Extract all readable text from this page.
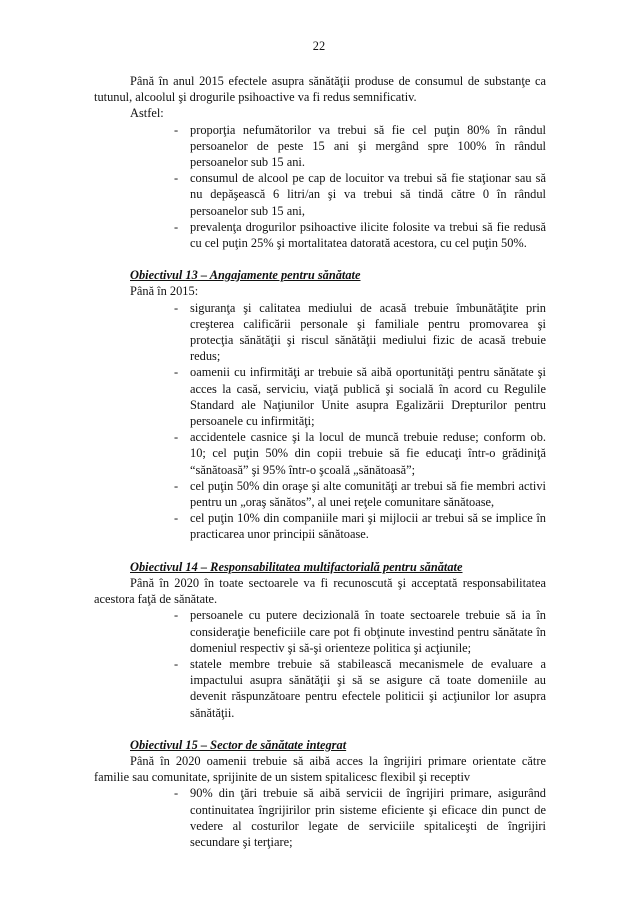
22

Până în anul 2015 efectele asupra sănătăţii produse de consumul de substanţe ca tutunul, alcoolul şi drogurile psihoactive va fi redus semnificativ.

Astfel:

- proporţia nefumătorilor va trebui să fie cel puţin 80% în rândul persoanelor de peste 15 ani şi mergând spre 100% în rândul persoanelor sub 15 ani.
- consumul de alcool pe cap de locuitor va trebui să fie staţionar sau să nu depăşească 6 litri/an şi va trebui să tindă către 0 în rândul persoanelor sub 15 ani,
- prevalenţa drogurilor psihoactive ilicite folosite va trebui să fie redusă cu cel puţin 25% şi mortalitatea datorată acestora, cu cel puţin 50%.

Obiectivul 13 – Angajamente pentru sănătate

Până în 2015:

- siguranţa şi calitatea mediului de acasă trebuie îmbunătăţite prin creşterea calificării personale şi familiale pentru promovarea şi protecţia sănătăţii şi riscul sănătăţii mediului fizic de acasă trebuie redus;
- oamenii cu infirmităţi ar trebuie să aibă oportunităţi pentru sănătate şi acces la casă, serviciu, viaţă publică şi socială în acord cu Regulile Standard ale Naţiunilor Unite asupra Egalizării Drepturilor pentru persoanele cu infirmităţi;
- accidentele casnice şi la locul de muncă trebuie reduse; conform ob. 10; cel puţin 50% din copii trebuie să fie educaţi într-o grădiniţă “sănătoasă” şi 95% într-o şcoală „sănătoasă”;
- cel puţin 50% din oraşe şi alte comunităţi ar trebui să fie membri activi pentru un „oraş sănătos”, al unei reţele comunitare sănătoase,
- cel puţin 10% din companiile mari şi mijlocii ar trebui să se implice în practicarea unor principii sănătoase.

Obiectivul 14 – Responsabilitatea multifactorială pentru sănătate

Până în 2020 în toate sectoarele va fi recunoscută şi acceptată responsabilitatea acestora faţă de sănătate.

- persoanele cu putere decizională în toate sectoarele trebuie să ia în consideraţie beneficiile care pot fi obţinute investind pentru sănătate în domeniul respectiv şi să-şi orienteze politica şi acţiunile;
- statele membre trebuie să stabilească mecanismele de evaluare a impactului asupra sănătăţii şi să se asigure că toate domeniile au devenit răspunzătoare pentru efectele politicii şi acţiunilor lor asupra sănătăţii.

Obiectivul 15 – Sector de sănătate integrat

Până în 2020 oamenii trebuie să aibă acces la îngrijiri primare orientate către familie sau comunitate, sprijinite de un sistem spitalicesc flexibil şi receptiv

- 90% din ţări trebuie să aibă servicii de îngrijiri primare, asigurând continuitatea îngrijirilor prin sisteme eficiente şi eficace din punct de vedere al costurilor legate de serviciile spitaliceşti de îngrijiri secundare şi terţiare;
